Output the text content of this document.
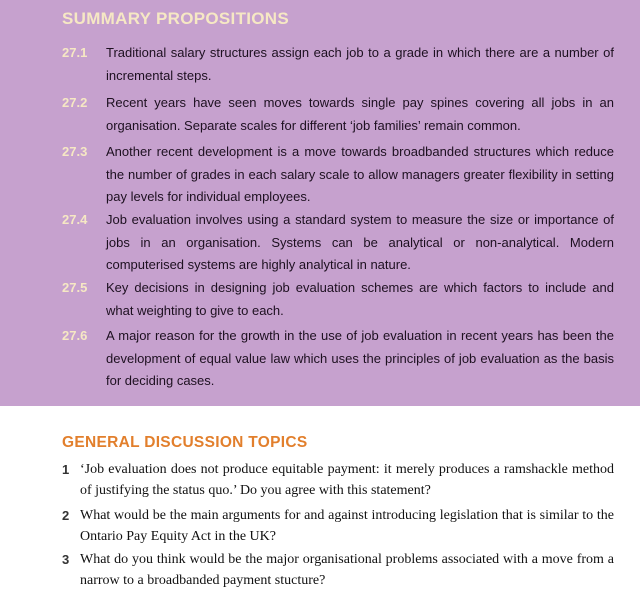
SUMMARY PROPOSITIONS
27.1	Traditional salary structures assign each job to a grade in which there are a number of incremental steps.
27.2	Recent years have seen moves towards single pay spines covering all jobs in an organisation. Separate scales for different ‘job families’ remain common.
27.3	Another recent development is a move towards broadbanded structures which reduce the number of grades in each salary scale to allow managers greater flexibility in setting pay levels for individual employees.
27.4	Job evaluation involves using a standard system to measure the size or importance of jobs in an organisation. Systems can be analytical or non-analytical. Modern computerised systems are highly analytical in nature.
27.5	Key decisions in designing job evaluation schemes are which factors to include and what weighting to give to each.
27.6	A major reason for the growth in the use of job evaluation in recent years has been the development of equal value law which uses the principles of job evaluation as the basis for deciding cases.
GENERAL DISCUSSION TOPICS
1 ‘Job evaluation does not produce equitable payment: it merely produces a ramshackle method of justifying the status quo.’ Do you agree with this statement?
2 What would be the main arguments for and against introducing legislation that is similar to the Ontario Pay Equity Act in the UK?
3 What do you think would be the major organisational problems associated with a move from a narrow to a broadbanded payment stucture?
